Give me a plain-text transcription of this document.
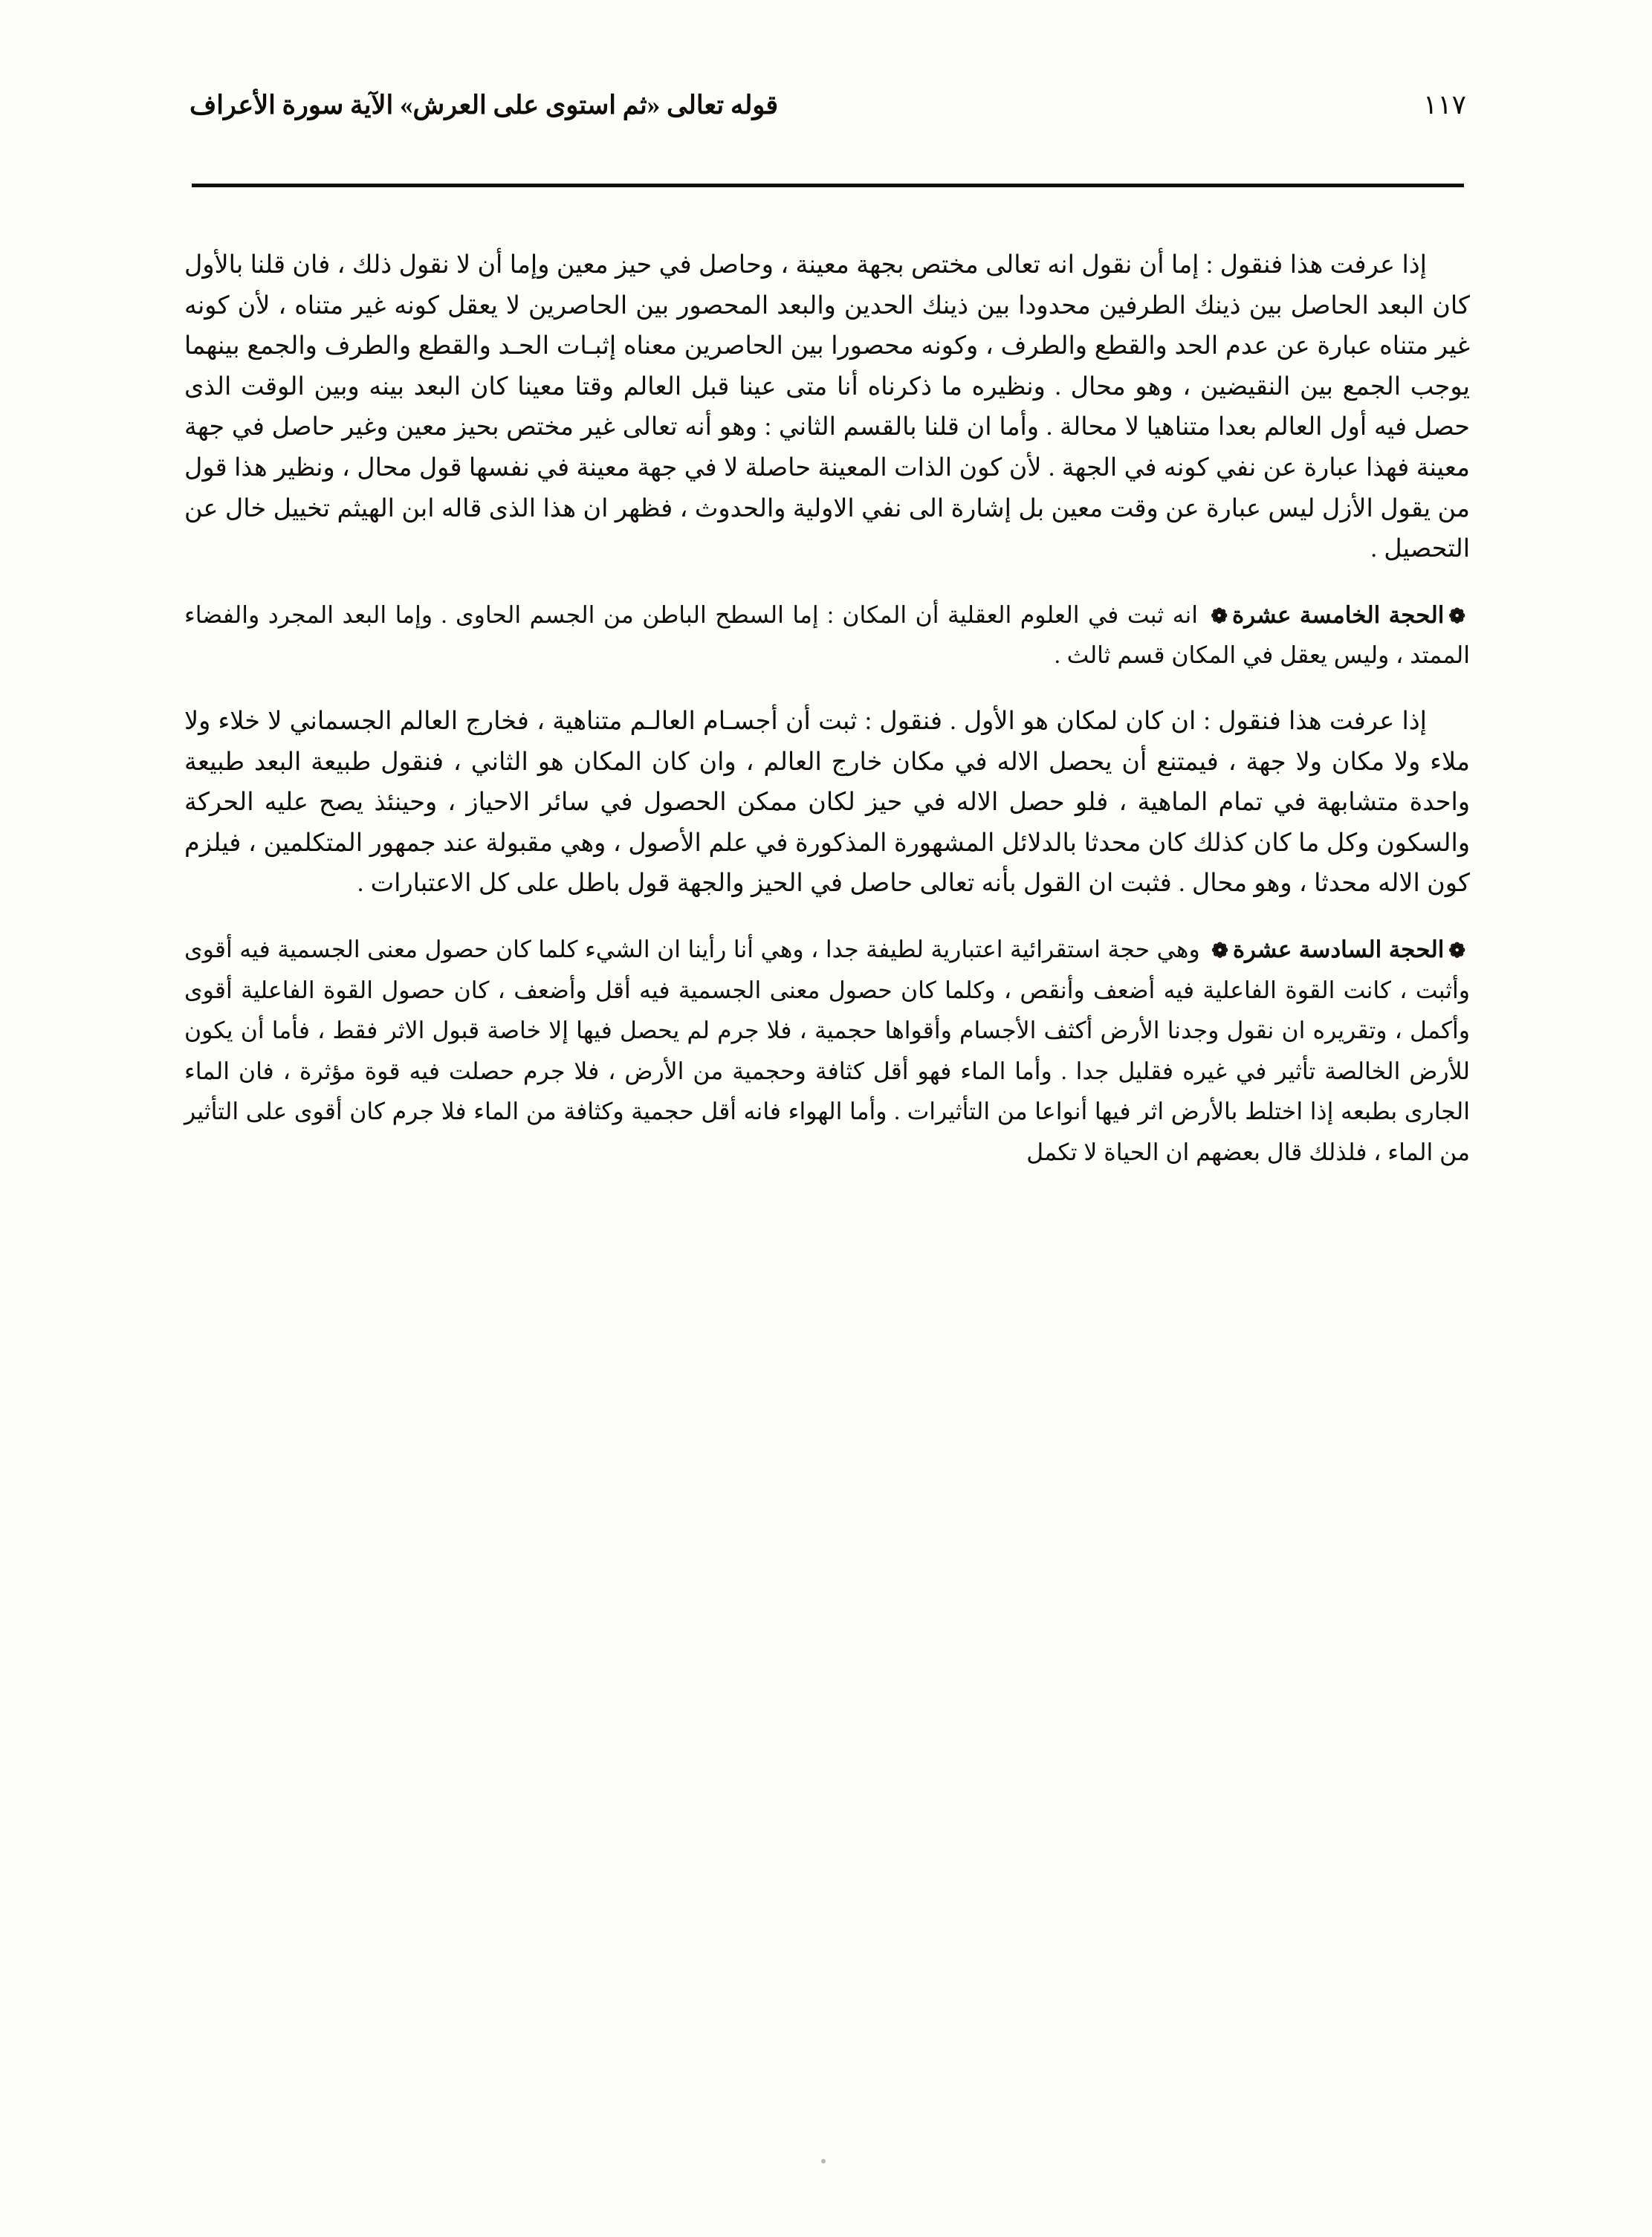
قوله تعالى «ثم استوى على العرش» الآية سورة الأعراف	١١٧

إذا عرفت هذا فنقول : إما أن نقول انه تعالى مختص بجهة معينة ، وحاصل في حيز معين وإما أن لا نقول ذلك ، فان قلنا بالأول كان البعد الحاصل بين ذينك الطرفين محدودا بين ذينك الحدين والبعد المحصور بين الحاصرين لا يعقل كونه غير متناه ، لأن كونه غير متناه عبارة عن عدم الحد والقطع والطرف ، وكونه محصورا بين الحاصرين معناه إثبـات الحـد والقطع والطرف والجمع بينهما يوجب الجمع بين النقيضين ، وهو محال . ونظيره ما ذكرناه أنا متى عينا قبل العالم وقتا معينا كان البعد بينه وبين الوقت الذى حصل فيه أول العالم بعدا متناهيا لا محالة . وأما ان قلنا بالقسم الثاني : وهو أنه تعالى غير مختص بحيز معين وغير حاصل في جهة معينة فهذا عبارة عن نفي كونه في الجهة . لأن كون الذات المعينة حاصلة لا في جهة معينة في نفسها قول محال ، ونظير هذا قول من يقول الأزل ليس عبارة عن وقت معين بل إشارة الى نفي الاولية والحدوث ، فظهر ان هذا الذى قاله ابن الهيثم تخييل خال عن التحصيل .

❁الحجة الخامسة عشرة❁ انه ثبت في العلوم العقلية أن المكان : إما السطح الباطن من الجسم الحاوى . وإما البعد المجرد والفضاء الممتد ، وليس يعقل في المكان قسم ثالث .

إذا عرفت هذا فنقول : ان كان لمكان هو الأول . فنقول : ثبت أن أجسـام العالـم متناهية ، فخارج العالم الجسماني لا خلاء ولا ملاء ولا مكان ولا جهة ، فيمتنع أن يحصل الاله في مكان خارج العالم ، وان كان المكان هو الثاني ، فنقول طبيعة البعد طبيعة واحدة متشابهة في تمام الماهية ، فلو حصل الاله في حيز لكان ممكن الحصول في سائر الاحياز ، وحينئذ يصح عليه الحركة والسكون وكل ما كان كذلك كان محدثا بالدلائل المشهورة المذكورة في علم الأصول ، وهي مقبولة عند جمهور المتكلمين ، فيلزم كون الاله محدثا ، وهو محال . فثبت ان القول بأنه تعالى حاصل في الحيز والجهة قول باطل على كل الاعتبارات .

❁الحجة السادسة عشرة❁ وهي حجة استقرائية اعتبارية لطيفة جدا ، وهي أنا رأينا ان الشيء كلما كان حصول معنى الجسمية فيه أقوى وأثبت ، كانت القوة الفاعلية فيه أضعف وأنقص ، وكلما كان حصول معنى الجسمية فيه أقل وأضعف ، كان حصول القوة الفاعلية أقوى وأكمل ، وتقريره ان نقول وجدنا الأرض أكثف الأجسام وأقواها حجمية ، فلا جرم لم يحصل فيها إلا خاصة قبول الاثر فقط ، فأما أن يكون للأرض الخالصة تأثير في غيره فقليل جدا . وأما الماء فهو أقل كثافة وحجمية من الأرض ، فلا جرم حصلت فيه قوة مؤثرة ، فان الماء الجارى بطبعه إذا اختلط بالأرض اثر فيها أنواعا من التأثيرات . وأما الهواء فانه أقل حجمية وكثافة من الماء فلا جرم كان أقوى على التأثير من الماء ، فلذلك قال بعضهم ان الحياة لا تكمل
